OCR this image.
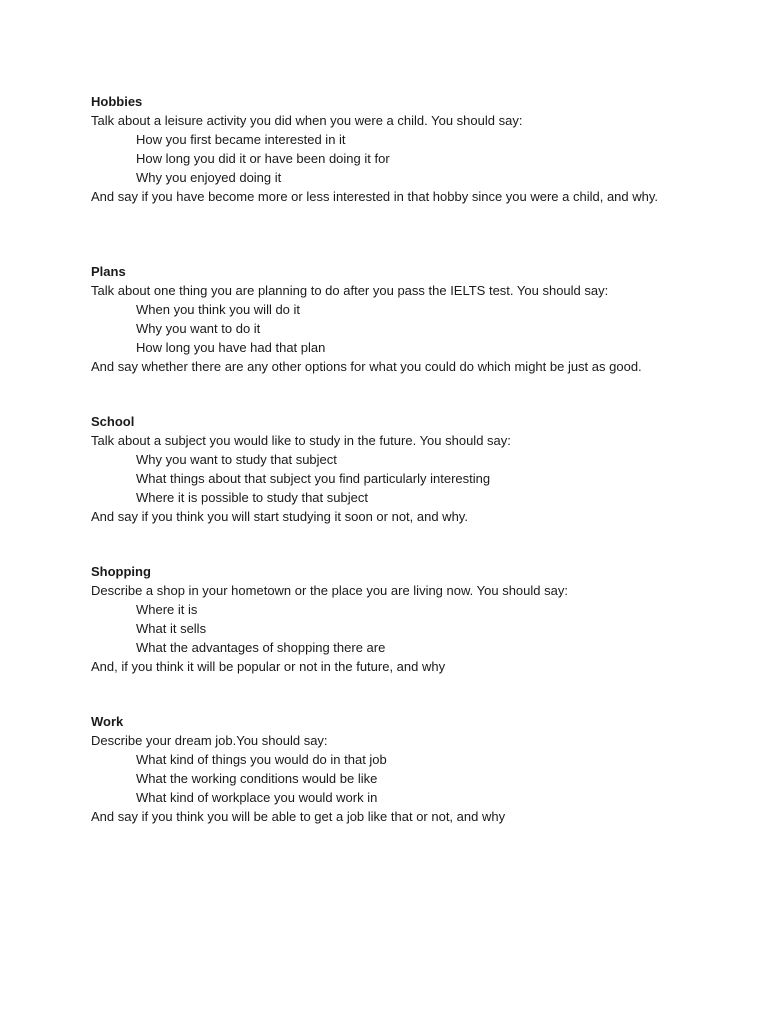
Hobbies
Talk about a leisure activity you did when you were a child. You should say:
How you first became interested in it
How long you did it or have been doing it for
Why you enjoyed doing it
And say if you have become more or less interested in that hobby since you were a child, and why.
Plans
Talk about one thing you are planning to do after you pass the IELTS test. You should say:
When you think you will do it
Why you want to do it
How long you have had that plan
And say whether there are any other options for what you could do which might be just as good.
School
Talk about a subject you would like to study in the future. You should say:
Why you want to study that subject
What things about that subject you find particularly interesting
Where it is possible to study that subject
And say if you think you will start studying it soon or not, and why.
Shopping
Describe a shop in your hometown or the place you are living now. You should say:
Where it is
What it sells
What the advantages of shopping there are
And, if you think it will be popular or not in the future, and why
Work
Describe your dream job.You should say:
What kind of things you would do in that job
What the working conditions would be like
What kind of workplace you would work in
And say if you think you will be able to get a job like that or not, and why
